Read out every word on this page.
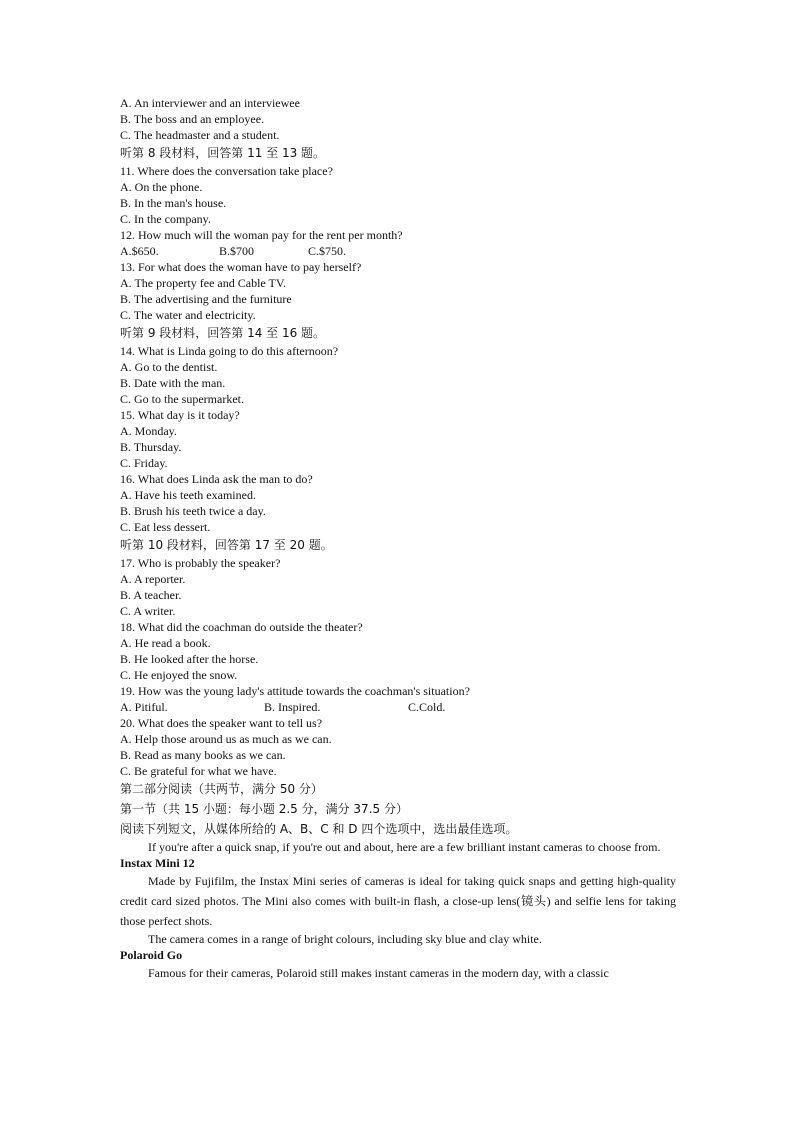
A. An interviewer and an interviewee
B. The boss and an employee.
C. The headmaster and a student.
听第 8 段材料，回答第 11 至 13 题。
11. Where does the conversation take place?
A. On the phone.
B. In the man's house.
C. In the company.
12. How much will the woman pay for the rent per month?
A.$650.	B.$700	C.$750.
13. For what does the woman have to pay herself?
A. The property fee and Cable TV.
B. The advertising and the furniture
C. The water and electricity.
听第 9 段材料，回答第 14 至 16 题。
14. What is Linda going to do this afternoon?
A. Go to the dentist.
B. Date with the man.
C. Go to the supermarket.
15. What day is it today?
A. Monday.
B. Thursday.
C. Friday.
16. What does Linda ask the man to do?
A. Have his teeth examined.
B. Brush his teeth twice a day.
C. Eat less dessert.
听第 10 段材料，回答第 17 至 20 题。
17. Who is probably the speaker?
A. A reporter.
B. A teacher.
C. A writer.
18. What did the coachman do outside the theater?
A. He read a book.
B. He looked after the horse.
C. He enjoyed the snow.
19. How was the young lady's attitude towards the coachman's situation?
A. Pitiful.	B. Inspired.	C.Cold.
20. What does the speaker want to tell us?
A. Help those around us as much as we can.
B. Read as many books as we can.
C. Be grateful for what we have.
第二部分阅读（共两节，满分 50 分）
第一节（共 15 小题：每小题 2.5 分，满分 37.5 分）
阅读下列短文，从媒体所给的 A、B、C 和 D 四个选项中，选出最佳选项。
If you're after a quick snap, if you're out and about, here are a few brilliant instant cameras to choose from.
Instax Mini 12
Made by Fujifilm, the Instax Mini series of cameras is ideal for taking quick snaps and getting high-quality credit card sized photos. The Mini also comes with built-in flash, a close-up lens(镜头) and selfie lens for taking those perfect shots.
The camera comes in a range of bright colours, including sky blue and clay white.
Polaroid Go
Famous for their cameras, Polaroid still makes instant cameras in the modern day, with a classic
